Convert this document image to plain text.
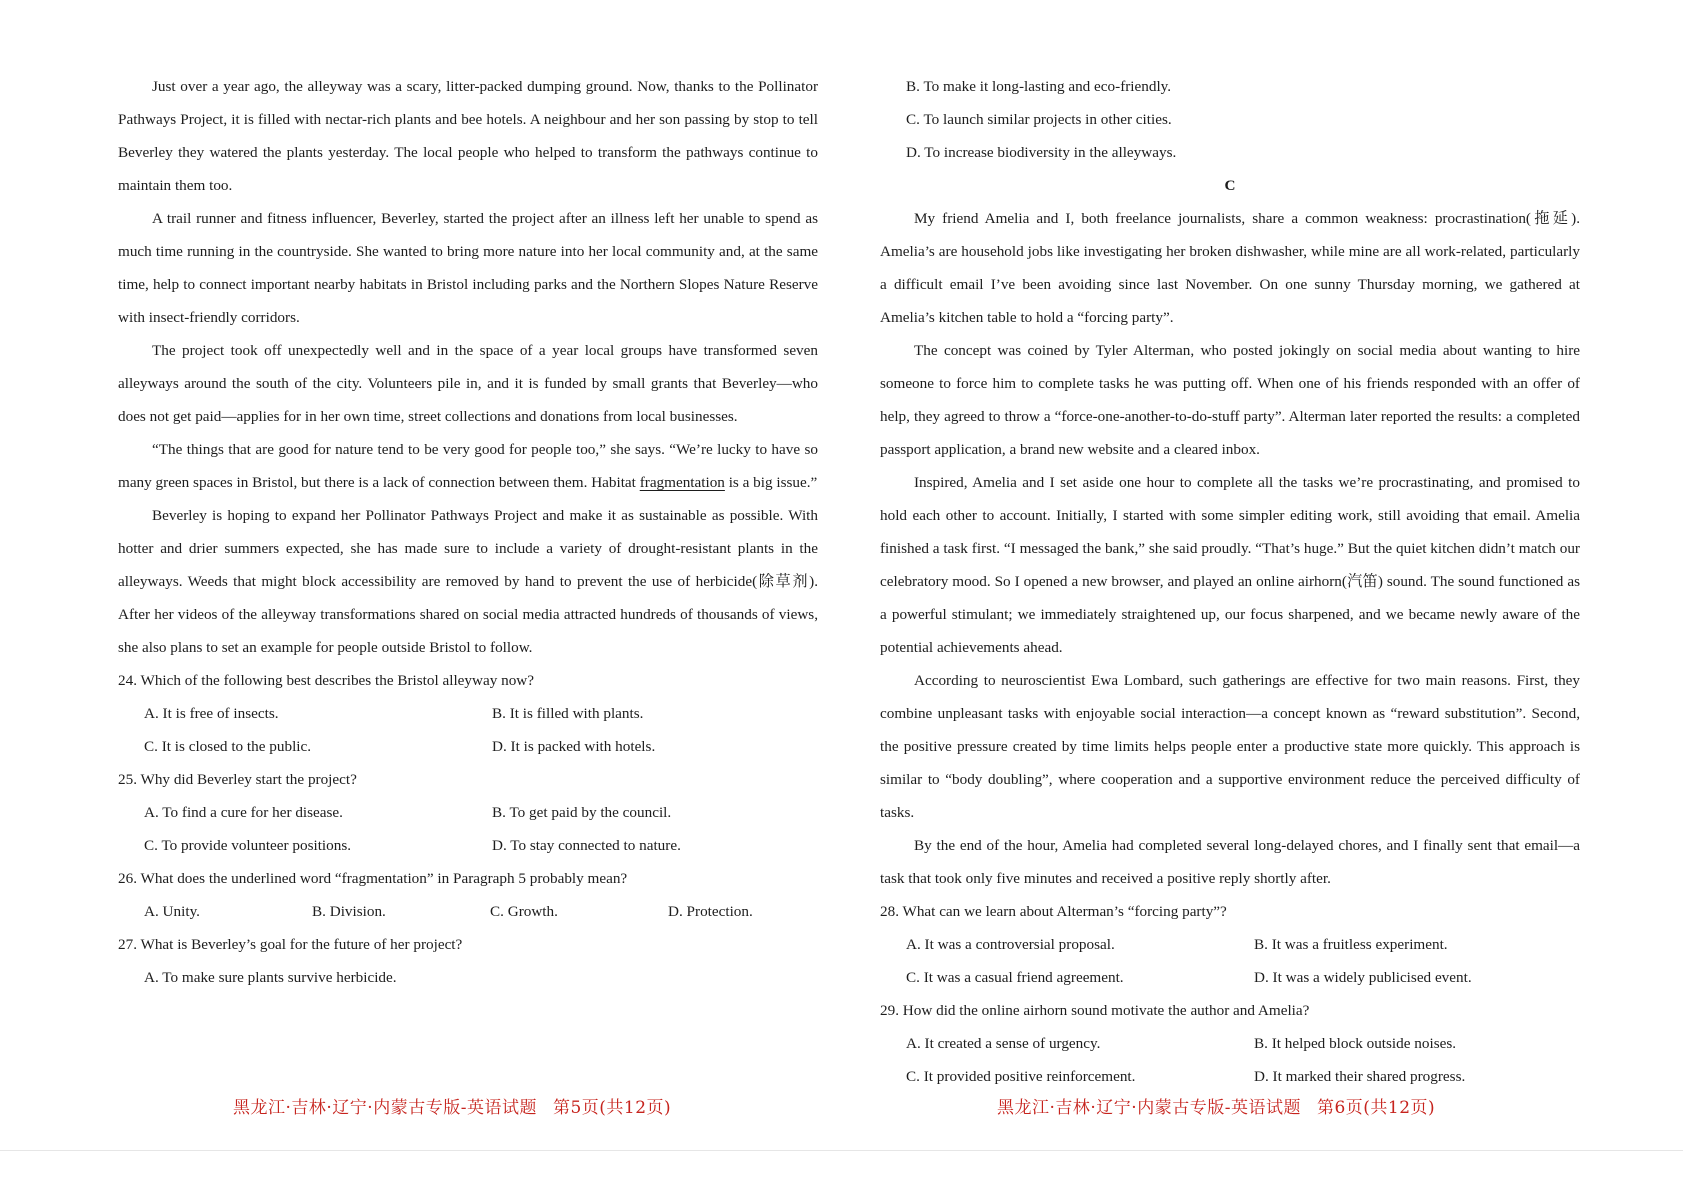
Just over a year ago, the alleyway was a scary, litter-packed dumping ground. Now, thanks to the Pollinator Pathways Project, it is filled with nectar-rich plants and bee hotels. A neighbour and her son passing by stop to tell Beverley they watered the plants yesterday. The local people who helped to transform the pathways continue to maintain them too.

A trail runner and fitness influencer, Beverley, started the project after an illness left her unable to spend as much time running in the countryside. She wanted to bring more nature into her local community and, at the same time, help to connect important nearby habitats in Bristol including parks and the Northern Slopes Nature Reserve with insect-friendly corridors.

The project took off unexpectedly well and in the space of a year local groups have transformed seven alleyways around the south of the city. Volunteers pile in, and it is funded by small grants that Beverley—who does not get paid—applies for in her own time, street collections and donations from local businesses.

“The things that are good for nature tend to be very good for people too,” she says. “We’re lucky to have so many green spaces in Bristol, but there is a lack of connection between them. Habitat fragmentation is a big issue.”

Beverley is hoping to expand her Pollinator Pathways Project and make it as sustainable as possible. With hotter and drier summers expected, she has made sure to include a variety of drought-resistant plants in the alleyways. Weeds that might block accessibility are removed by hand to prevent the use of herbicide(除草剂). After her videos of the alleyway transformations shared on social media attracted hundreds of thousands of views, she also plans to set an example for people outside Bristol to follow.

24. Which of the following best describes the Bristol alleyway now?

A. It is free of insects.	B. It is filled with plants.

C. It is closed to the public.	D. It is packed with hotels.

25. Why did Beverley start the project?

A. To find a cure for her disease.	B. To get paid by the council.

C. To provide volunteer positions.	D. To stay connected to nature.

26. What does the underlined word “fragmentation” in Paragraph 5 probably mean?

A. Unity.	B. Division.	C. Growth.	D. Protection.

27. What is Beverley’s goal for the future of her project?

A. To make sure plants survive herbicide.

B. To make it long-lasting and eco-friendly.

C. To launch similar projects in other cities.

D. To increase biodiversity in the alleyways.

C

My friend Amelia and I, both freelance journalists, share a common weakness: procrastination(拖延). Amelia’s are household jobs like investigating her broken dishwasher, while mine are all work-related, particularly a difficult email I’ve been avoiding since last November. On one sunny Thursday morning, we gathered at Amelia’s kitchen table to hold a “forcing party”.

The concept was coined by Tyler Alterman, who posted jokingly on social media about wanting to hire someone to force him to complete tasks he was putting off. When one of his friends responded with an offer of help, they agreed to throw a “force-one-another-to-do-stuff party”. Alterman later reported the results: a completed passport application, a brand new website and a cleared inbox.

Inspired, Amelia and I set aside one hour to complete all the tasks we’re procrastinating, and promised to hold each other to account. Initially, I started with some simpler editing work, still avoiding that email. Amelia finished a task first. “I messaged the bank,” she said proudly. “That’s huge.” But the quiet kitchen didn’t match our celebratory mood. So I opened a new browser, and played an online airhorn(汽笛) sound. The sound functioned as a powerful stimulant; we immediately straightened up, our focus sharpened, and we became newly aware of the potential achievements ahead.

According to neuroscientist Ewa Lombard, such gatherings are effective for two main reasons. First, they combine unpleasant tasks with enjoyable social interaction—a concept known as “reward substitution”. Second, the positive pressure created by time limits helps people enter a productive state more quickly. This approach is similar to “body doubling”, where cooperation and a supportive environment reduce the perceived difficulty of tasks.

By the end of the hour, Amelia had completed several long-delayed chores, and I finally sent that email—a task that took only five minutes and received a positive reply shortly after.

28. What can we learn about Alterman’s “forcing party”?

A. It was a controversial proposal.	B. It was a fruitless experiment.

C. It was a casual friend agreement.	D. It was a widely publicised event.

29. How did the online airhorn sound motivate the author and Amelia?

A. It created a sense of urgency.	B. It helped block outside noises.

C. It provided positive reinforcement.	D. It marked their shared progress.

黑龙江·吉林·辽宁·内蒙古专版-英语试题 第5页(共12页)	黑龙江·吉林·辽宁·内蒙古专版-英语试题 第6页(共12页)
